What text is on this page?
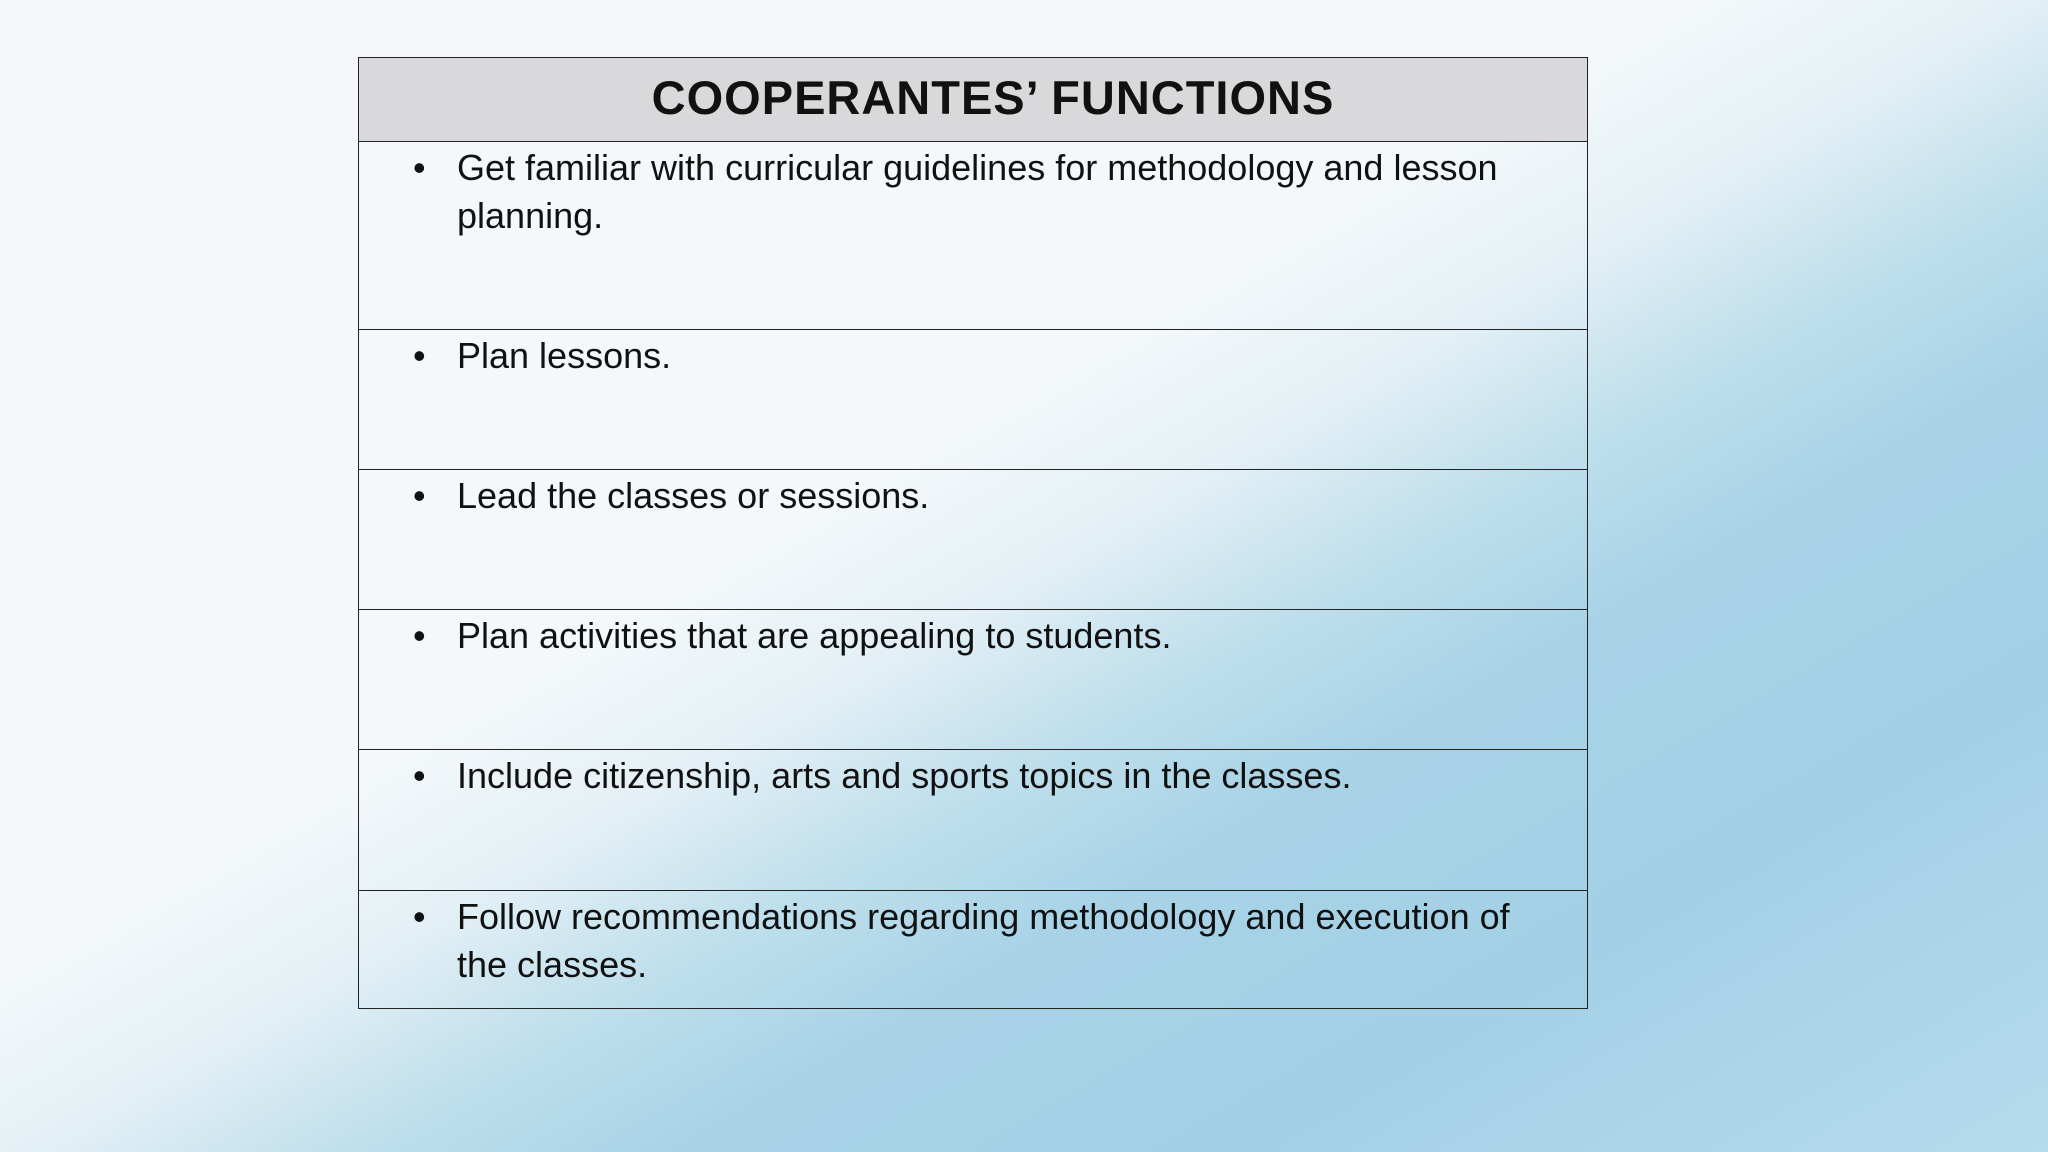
COOPERANTES’ FUNCTIONS
• Get familiar with curricular guidelines for methodology and lesson planning.
• Plan lessons.
• Lead the classes or sessions.
• Plan activities that are appealing to students.
• Include citizenship, arts and sports topics in the classes.
• Follow recommendations regarding methodology and execution of the classes.
